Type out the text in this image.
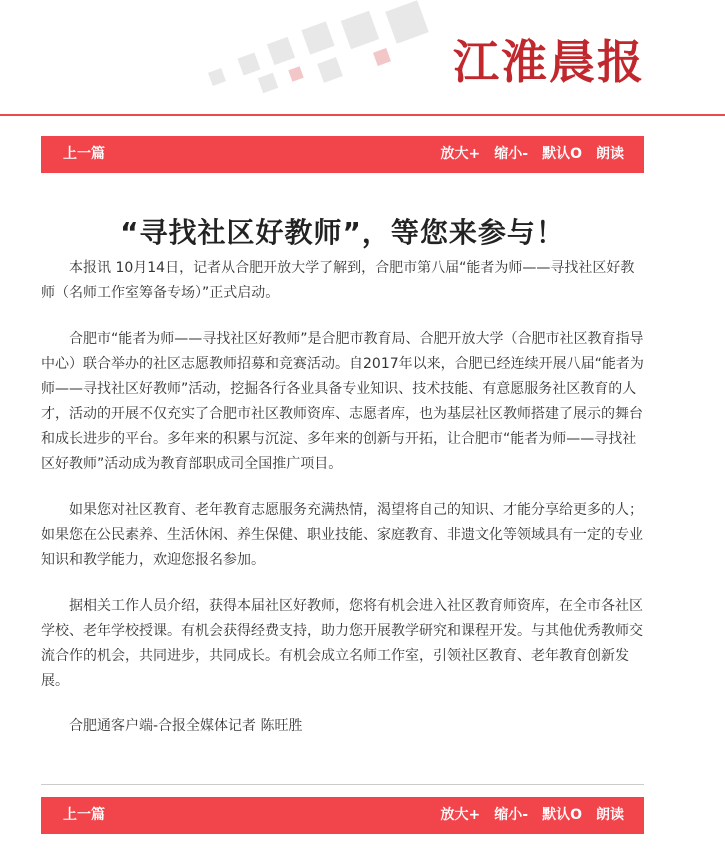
江淮晨报
上一篇	放大+ 缩小- 默认O 朗读
“寻找社区好教师”，等您来参与！

本报讯 10月14日，记者从合肥开放大学了解到，合肥市第八届“能者为师——寻找社区好教师（名师工作室筹备专场）”正式启动。

合肥市“能者为师——寻找社区好教师”是合肥市教育局、合肥开放大学（合肥市社区教育指导中心）联合举办的社区志愿教师招募和竞赛活动。自2017年以来，合肥已经连续开展八届“能者为师——寻找社区好教师”活动，挖掘各行各业具备专业知识、技术技能、有意愿服务社区教育的人才，活动的开展不仅充实了合肥市社区教师资库、志愿者库，也为基层社区教师搭建了展示的舞台和成长进步的平台。多年来的积累与沉淀、多年来的创新与开拓，让合肥市“能者为师——寻找社区好教师”活动成为教育部职成司全国推广项目。

如果您对社区教育、老年教育志愿服务充满热情，渴望将自己的知识、才能分享给更多的人；如果您在公民素养、生活休闲、养生保健、职业技能、家庭教育、非遗文化等领域具有一定的专业知识和教学能力，欢迎您报名参加。

据相关工作人员介绍，获得本届社区好教师，您将有机会进入社区教育师资库，在全市各社区学校、老年学校授课。有机会获得经费支持，助力您开展教学研究和课程开发。与其他优秀教师交流合作的机会，共同进步，共同成长。有机会成立名师工作室，引领社区教育、老年教育创新发展。

合肥通客户端-合报全媒体记者 陈旺胜

上一篇	放大+ 缩小- 默认O 朗读
